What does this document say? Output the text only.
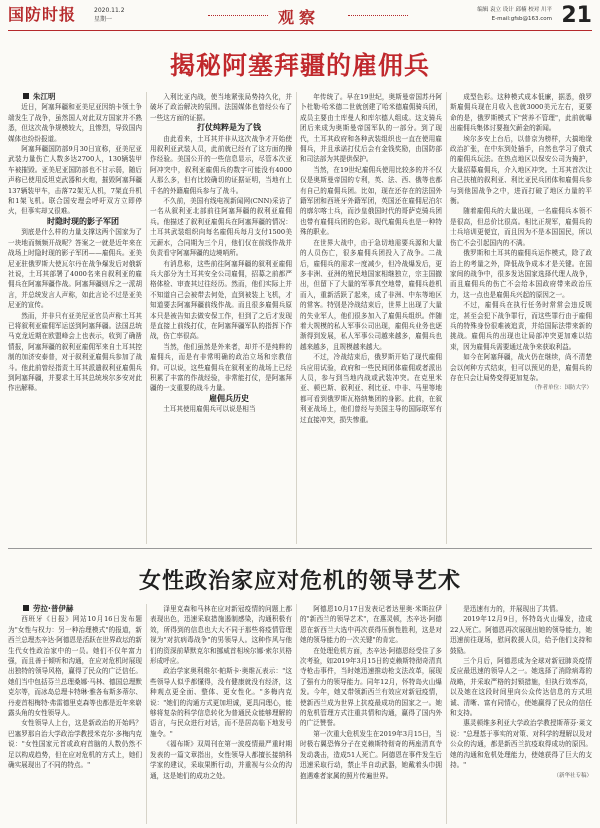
国防时报	2020.11.2
星期一	观察	编辑 袁立 设计 邱楠 校对 川平
E-mail:gfsb@163.com 21
揭秘阿塞拜疆的雇佣兵

朱江明

近日，阿塞拜疆和亚美尼亚因纳卡领土争端发生了战争，虽然国人对此双方国家并不熟悉，但这次战争规模较大，且惨烈，导致国内媒体也纷纷报道。

阿塞拜疆国防部9月30日宣称，亚美尼亚武装力量伤亡人数多达2700人，130辆装甲车被摧毁。亚美尼亚国防部也不甘示弱，随后声称已使用反坦克武器和火炮，摧毁阿塞拜疆137辆装甲车，击落72架无人机，7架直升机和1架飞机。联合国安理会呼吁双方立即停火，但事实却又很难。

时隐时现的影子军团

到底是什么样的力量支撑这两个国家为了一块地而频频开战呢？答案之一就是近年来在战场上时隐时现的影子军团——雇佣兵。亚美尼亚驻俄罗斯大使瓦尔丹在战争爆发后对俄新社说，土耳其部署了4000名来自叙利亚的雇佣兵在阿塞拜疆作战。阿塞拜疆则斥之一派胡言，并总统发言人声称，如此言论不过是亚美尼亚的宣传。

然而，并非只有亚美尼亚官员声称土耳其已将叙利亚雇佣军运送到阿塞拜疆。法国总统马克龙近期在欧盟峰会上也表示，收到了确凿情报，阿塞拜疆的叙利亚雇佣军来自土耳其控制的加济安泰普，对于叙利亚雇佣兵参加了战斗。他此前曾经指责土耳其派遣叙利亚雇佣兵到阿塞拜疆，并要求土耳其总统埃尔多安对此作出解释。

入利比亚内战，使当地紧张局势持久化，并破坏了政治解决的氛围。法国媒体也曾经公布了一些这方面的证据。

打仗纯粹是为了钱

由此看来，土耳其并非从这次战争才开始使用叙利亚武装人员，此前就已经有了这方面的操作经验。美国公开的一些信息显示，尽管本次亚阿冲突中，叙利亚雇佣兵的数字可能没有4000人那么多，但有比较确切的证据证明，当地有上千名的外籍雇佣兵参与了战斗。

不久前，美国有线电视新闻网(CNN)采访了一名从叙利亚北部前往阿塞拜疆的叙利亚雇佣兵。他描述了叙利亚雇佣兵在阿塞拜疆的情况：土耳其武装组织向每名雇佣兵每月支付1500美元薪水，合同期为三个月，他们仅在前线作战并负责看守阿塞拜疆的边境哨所。

有消息称，这些前往阿塞拜疆的叙利亚雇佣兵大部分为土耳其安全公司雇佣，招募之前都严格体检、审查其过往经历。然而，他们实际上并不知道自己会被带去何处，直到被装上飞机，才知道要去阿塞拜疆前线作战。而且很多雇佣兵原本只是被告知去做安保工作，但到了之后才发现是直接上前线打仗，在阿塞拜疆军队的指挥下作战，伤亡率很高。

当然，他们虽然是外来者，却并不是纯粹的雇佣兵，而是有非常明确的政治立场和宗教信仰。可以说，这些雇佣兵在叙利亚的战场上已经积累了丰富的作战经验，非常能打仗，是阿塞拜疆的一支重要的战斗力量。

雇佣兵历史

土耳其使用雇佣兵可以说是相当

年传统了。早在19世纪，奥斯曼帝国苏丹阿卜杜勒·哈米德二世就创建了哈米德雇佣骑兵团，成员主要由土库曼人和库尔德人组成。这支骑兵团后来成为奥斯曼帝国军队的一部分。到了现代，土耳其政府和各种武装组织也一直在使用雇佣兵，并且承诺打仗后会有金钱奖励，由国防部和司法部为其提供保护。

当然，在19世纪雇佣兵使用比较多的并不仅仅是奥斯曼帝国的专利，英、法、西、俄等也都有自己的雇佣兵团。比如，现在还存在的法国外籍军团和西班牙外籍军团，英国还在雇佣尼泊尔的廓尔喀士兵，而沙皇俄国时代的哥萨克骑兵团也带有雇佣兵团的色彩。现代雇佣兵也是一种特殊的职业。

在世界大战中，由于急切地需要兵源和大量的人员伤亡，很多雇佣兵团投入了战争。二战后，雇佣兵的需求一度减少，但冷战爆发后，更多非洲、亚洲的殖民地国家相继独立，宗主国撤出，但留下了大量的军事真空地带，雇佣兵趁机而入，重新活跃了起来，成了非洲、中东等地区的常客。特别是冷战结束后，世界上出现了大量的失业军人，他们很多加入了雇佣兵组织。伴随着大规模的私人军事公司出现，雇佣兵业务也逐渐得到发展，私人军事公司越来越多，雇佣兵也越来越多，且规模越来越大。

不过，冷战结束后，俄罗斯开始了现代雇佣兵应用试验，政府和一些民间团体雇佣或者派出人员，参与到当地内战或武装冲突。在克里米亚、顿巴斯、叙利亚、利比亚、中非、马里等地都可看到俄罗斯瓦格纳集团的身影。此前，在叙利亚战场上，他们曾经与美国主导的国际联军有过直接冲突，损失惨重。

成型色彩。这种模式成本低廉，据悉，俄罗斯雇佣兵现在月收入也就3000美元左右，更要命的是，俄罗斯模式下"营养不管理"，此前就曝出雇佣兵集体讨要拖欠薪金的新闻。

埃尔多安上台后，以普京为榜样，大搞地缘政治扩张，在中东到处插手，自然也学习了俄式的雇佣兵玩法。在热点地区以保安公司为掩护，大量招募雇佣兵，介入地区冲突。土耳其首次让自己扶植的叙利亚、利比亚民兵团体和雇佣兵参与到他国战争之中，进而打破了地区力量的平衡。

随着雇佣兵的大量出现，一名雇佣兵本领不是很高，但总价比很高。相比正规军，雇佣兵的士兵培训更便宜，而且因为不是本国国民，所以伤亡不会引起国内的不满。

俄罗斯和土耳其的雇佣兵运作模式，除了政治上的考量之外，降低战争成本才是关键。在国家间的战争中，很多发达国家选择代理人战争，而且雇佣兵的伤亡不会给本国政府带来政治压力，这一点也是雇佣兵兴起的原因之一。

不过，雇佣兵在执行任务时常常会违反规定，甚至会犯下战争罪行，而这些罪行由于雇佣兵的特殊身份很难被追责，并给国际法带来新的挑战。雇佣兵的出现也让局部冲突更加难以结束，因为雇佣兵需要通过战争来获取利益。

如今在阿塞拜疆，战火仍在继续，尚不清楚会以何种方式结束，但可以预见的是，雇佣兵的存在只会让局势变得更加复杂。

（作者单位：国防大学）

女性政治家应对危机的领导艺术

劳拉·普伊赫

西班牙《日报》网站10月16日发布题为"女性与权力：另一种治理模式"的报道，新西兰总理杰辛达·阿德恩是活跃在世界政坛的新生代女性政治家中的一员。她们不仅年富力强，而且善于倾听和沟通，在应对危机时展现出独特的领导风格，赢得了民众的广泛信任。她们当中包括芬兰总理桑娜·马林、德国总理默克尔等，而冰岛总理卡特琳·雅各布斯多蒂尔、丹麦首相梅特·弗雷德里克森等也都是近年来崭露头角的女性领导人。

女性领导人上台，这是新政治的开始吗？巴塞罗那自治大学政治学教授米克尔·多梅内克说："女性国家元首或政府首脑的人数仍然不足以构成趋势，但在应对危机的方式上，她们确实展现出了不同的特点。"

泽里克森和马林在应对新冠疫情的问题上都表现出色，迅速采取措施遏制感染，沟通积极有效，所得到的信息也大大不同于那些将疫情管理视为"对抗病毒战争"的男领导人。这种作风与他们的资深前辈默克尔和挪威首相埃尔娜·索尔贝格形成呼应。

政治学家奥利维尔·帕斯卡·奥维瓦表示："这些领导人似乎都懂得，没有健康就没有经济，这种观点更全面、整体、更女性化。"多梅内克说："她们的沟通方式更加坦诚，更具同理心，能够将复杂的科学信息转化为普通民众能够理解的语言，与民众进行对话，而不是居高临下地发号施令。"

《福布斯》双周刊在第一波疫情最严重时期发表的一篇文章指出，女性领导人都擅长接纳科学家的建议，采取果断行动，并重视与公众的沟通，这是她们的成功之处。

阿德恩10月17日发表记者达里奥·米斯拉伊的"新西兰的领导艺术"，在惠灵顿，杰辛达·阿德恩在新西兰大选中再次获得压倒性胜利，这是对她的领导能力的一次关键"的肯定。

在处理危机方面，杰辛达·阿德恩经受住了多次考验，如2019年3月15日的克赖斯特彻奇清真寺枪击事件，当时她迅速推动枪支法改革，展现了强有力的领导能力。同年12月，怀特岛火山爆发。今年，她又带领新西兰有效应对新冠疫情，使新西兰成为世界上抗疫最成功的国家之一。她的危机管理方式注重共情和沟通，赢得了国内外的广泛赞誉。

第一次重大危机发生在2019年3月15日，当时极右翼恐怖分子在克赖斯特彻奇的两座清真寺发动袭击，造成51人死亡。阿德恩在事件发生后迅速采取行动，禁止半自动武器，她戴着头巾拥抱遇难者家属的照片传遍世界。

是迅速有力的，并展现出了共情。

2019年12月9日，怀特岛火山爆发，造成22人死亡。阿德恩再次展现出她的领导能力，她迅速前往现场，慰问救援人员，给予他们支持和鼓励。

三个月后，阿德恩成为全球对新冠肺炎疫情反应最迅速的领导人之一。她选择了消除病毒的战略，并采取严格的封锁措施，但执行效率高，以及她在这段时间里向公众传达信息的方式坦诚、清晰、富有同情心，使她赢得了民众的信任和支持。

惠灵顿维多利亚大学政治学教授斯蒂芬·莱文说："总理基于事实的对策、对科学的理解以及对公众的沟通，都是新西兰抗疫取得成功的原因。她的沟通和危机处理能力，使她获得了巨大的支持。"

（新华社专稿）
